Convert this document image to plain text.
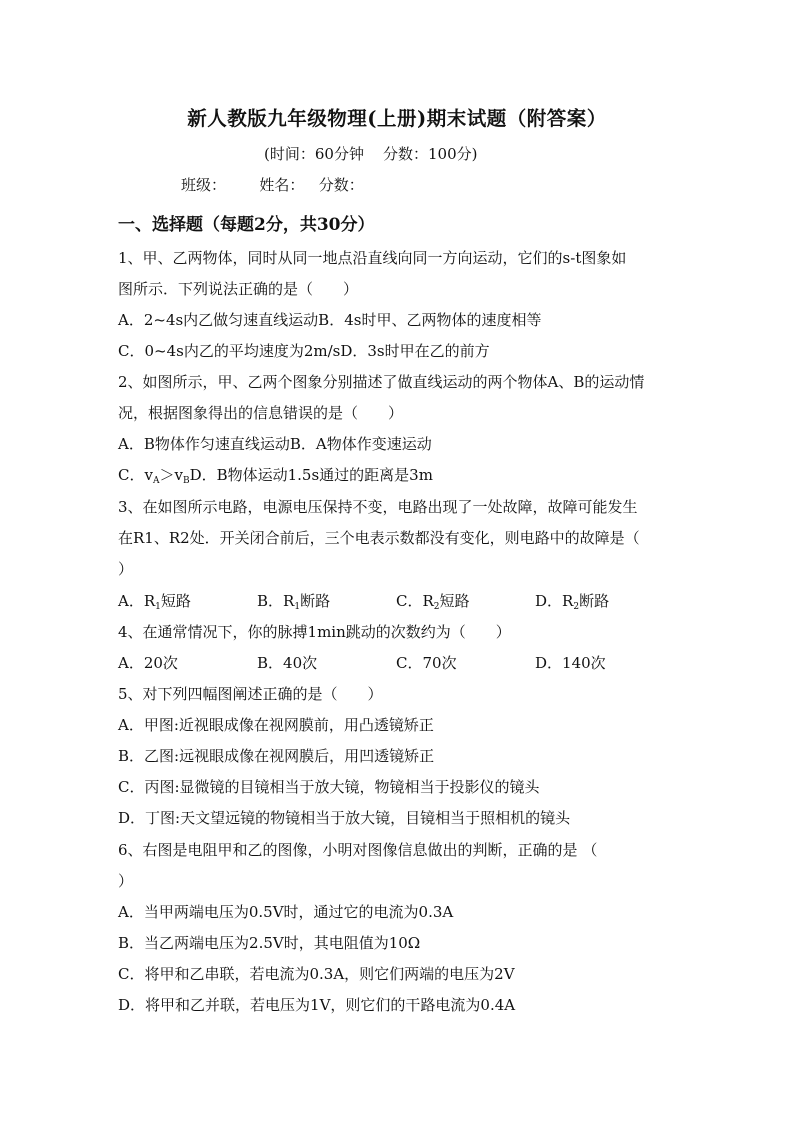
新人教版九年级物理(上册)期末试题（附答案）
(时间：60分钟    分数：100分)
班级： 姓名： 分数：
一、选择题（每题2分，共30分）
1、甲、乙两物体，同时从同一地点沿直线向同一方向运动，它们的s-t图象如
图所示．下列说法正确的是（　　）
A．2~4s内乙做匀速直线运动B．4s时甲、乙两物体的速度相等
C．0~4s内乙的平均速度为2m/sD．3s时甲在乙的前方
2、如图所示，甲、乙两个图象分别描述了做直线运动的两个物体A、B的运动情
况，根据图象得出的信息错误的是（　　）
A．B物体作匀速直线运动B．A物体作变速运动
C．$v_A>v_BD$．B物体运动1.5s通过的距离是3m
3、在如图所示电路，电源电压保持不变，电路出现了一处故障，故障可能发生
在R1、R2处．开关闭合前后，三个电表示数都没有变化，则电路中的故障是（
）
A．$R_1$短路	B．$R_1$断路	C．$R_2$短路	D．$R_2$断路
4、在通常情况下，你的脉搏1min跳动的次数约为（　　）
A．20次	B．40次	C．70次	D．140次
5、对下列四幅图阐述正确的是（　　）
A．甲图:近视眼成像在视网膜前，用凸透镜矫正
B．乙图:远视眼成像在视网膜后，用凹透镜矫正
C．丙图:显微镜的目镜相当于放大镜，物镜相当于投影仪的镜头
D．丁图:天文望远镜的物镜相当于放大镜，目镜相当于照相机的镜头
6、右图是电阻甲和乙的图像，小明对图像信息做出的判断，正确的是 （
）
A．当甲两端电压为0.5V时，通过它的电流为0.3A
B．当乙两端电压为2.5V时，其电阻值为10Ω
C．将甲和乙串联，若电流为0.3A，则它们两端的电压为2V
D．将甲和乙并联，若电压为1V，则它们的干路电流为0.4A
